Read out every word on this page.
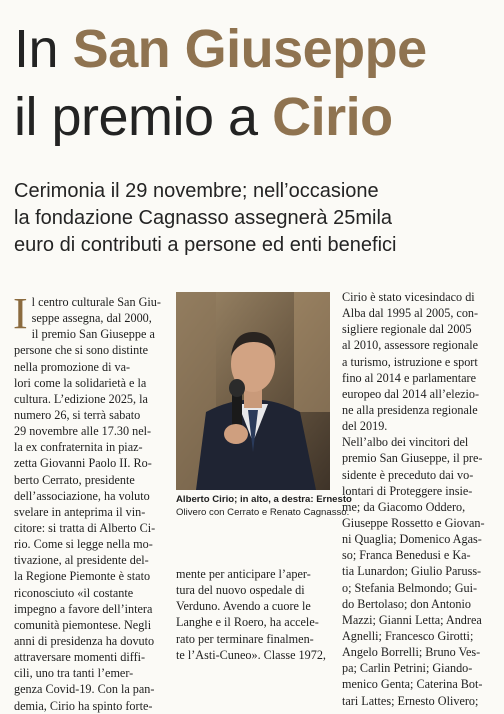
In San Giuseppe
il premio a Cirio
Cerimonia il 29 novembre; nell’occasione
la fondazione Cagnasso assegnerà 25mila
euro di contributi a persone ed enti benefici
I l centro culturale San Giu-
seppe assegna, dal 2000,
il premio San Giuseppe a
persone che si sono distinte
nella promozione di va-
lori come la solidarietà e la
cultura. L’edizione 2025, la
numero 26, si terrà sabato
29 novembre alle 17.30 nel-
la ex confraternita in piaz-
zetta Giovanni Paolo II. Ro-
berto Cerrato, presidente
dell’associazione, ha voluto
svelare in anteprima il vin-
citore: si tratta di Alberto Ci-
rio. Come si legge nella mo-
tivazione, al presidente del-
la Regione Piemonte è stato
riconosciuto «il costante
impegno a favore dell’intera
comunità piemontese. Negli
anni di presidenza ha dovuto
attraversare momenti diffi-
cili, uno tra tanti l’emer-
genza Covid-19. Con la pan-
demia, Cirio ha spinto forte-
Alberto Cirio; in alto, a destra: Ernesto
Olivero con Cerrato e Renato Cagnasso.
mente per anticipare l’aper-
tura del nuovo ospedale di
Verduno. Avendo a cuore le
Langhe e il Roero, ha accele-
rato per terminare finalmen-
te l’Asti-Cuneo». Classe 1972,
Cirio è stato vicesindaco di
Alba dal 1995 al 2005, con-
sigliere regionale dal 2005
al 2010, assessore regionale
a turismo, istruzione e sport
fino al 2014 e parlamentare
europeo dal 2014 all’elezio-
ne alla presidenza regionale
del 2019.
Nell’albo dei vincitori del
premio San Giuseppe, il pre-
sidente è preceduto dai vo-
lontari di Proteggere insie-
me; da Giacomo Oddero,
Giuseppe Rossetto e Giovan-
ni Quaglia; Domenico Agas-
so; Franca Benedusi e Ka-
tia Lunardon; Giulio Paruss-
o; Stefania Belmondo; Gui-
do Bertolaso; don Antonio
Mazzi; Gianni Letta; Andrea
Agnelli; Francesco Girotti;
Angelo Borrelli; Bruno Ves-
pa; Carlin Petrini; Giando-
menico Genta; Caterina Bot-
tari Lattes; Ernesto Olivero;
